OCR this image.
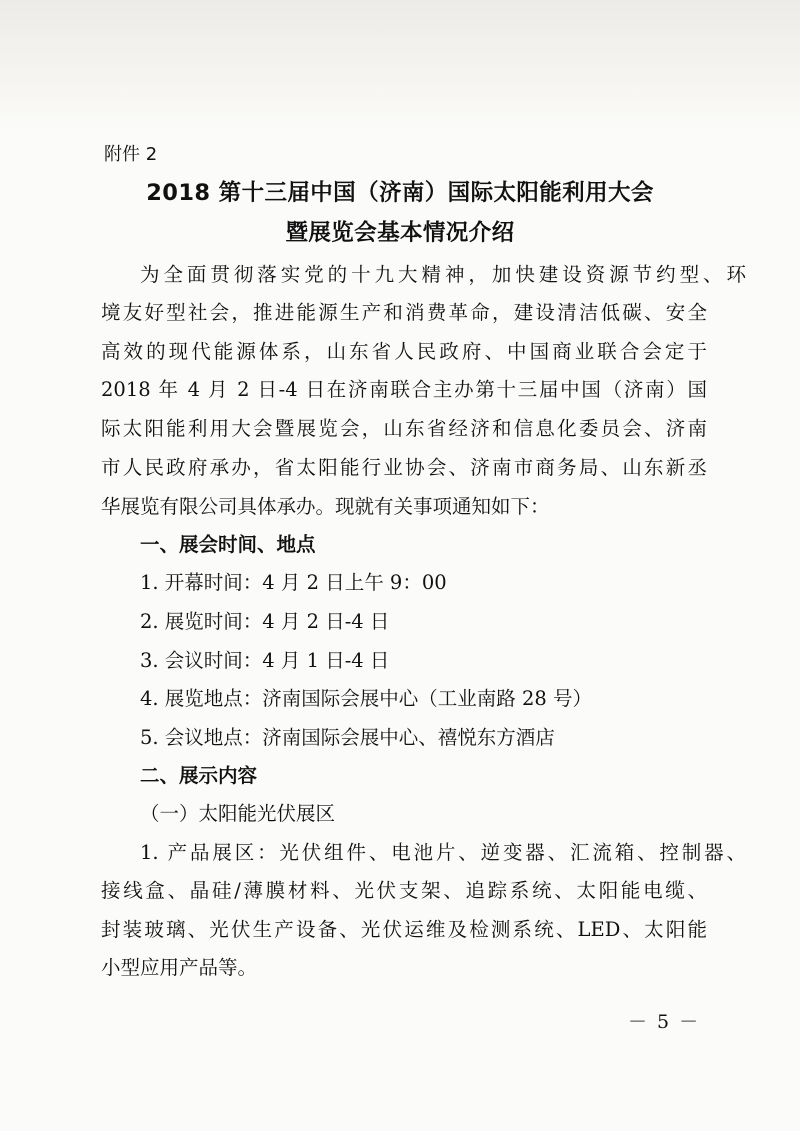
附件 2
2018 第十三届中国（济南）国际太阳能利用大会
暨展览会基本情况介绍
为全面贯彻落实党的十九大精神，加快建设资源节约型、环
境友好型社会，推进能源生产和消费革命，建设清洁低碳、安全
高效的现代能源体系，山东省人民政府、中国商业联合会定于
2018 年 4 月 2 日-4 日在济南联合主办第十三届中国（济南）国
际太阳能利用大会暨展览会，山东省经济和信息化委员会、济南
市人民政府承办，省太阳能行业协会、济南市商务局、山东新丞
华展览有限公司具体承办。现就有关事项通知如下：
一、展会时间、地点
1. 开幕时间：4 月 2 日上午 9：00
2. 展览时间：4 月 2 日-4 日
3. 会议时间：4 月 1 日-4 日
4. 展览地点：济南国际会展中心（工业南路 28 号）
5. 会议地点：济南国际会展中心、禧悦东方酒店
二、展示内容
（一）太阳能光伏展区
1. 产品展区：光伏组件、电池片、逆变器、汇流箱、控制器、
接线盒、晶硅/薄膜材料、光伏支架、追踪系统、太阳能电缆、
封装玻璃、光伏生产设备、光伏运维及检测系统、LED、太阳能
小型应用产品等。
－ 5 －
